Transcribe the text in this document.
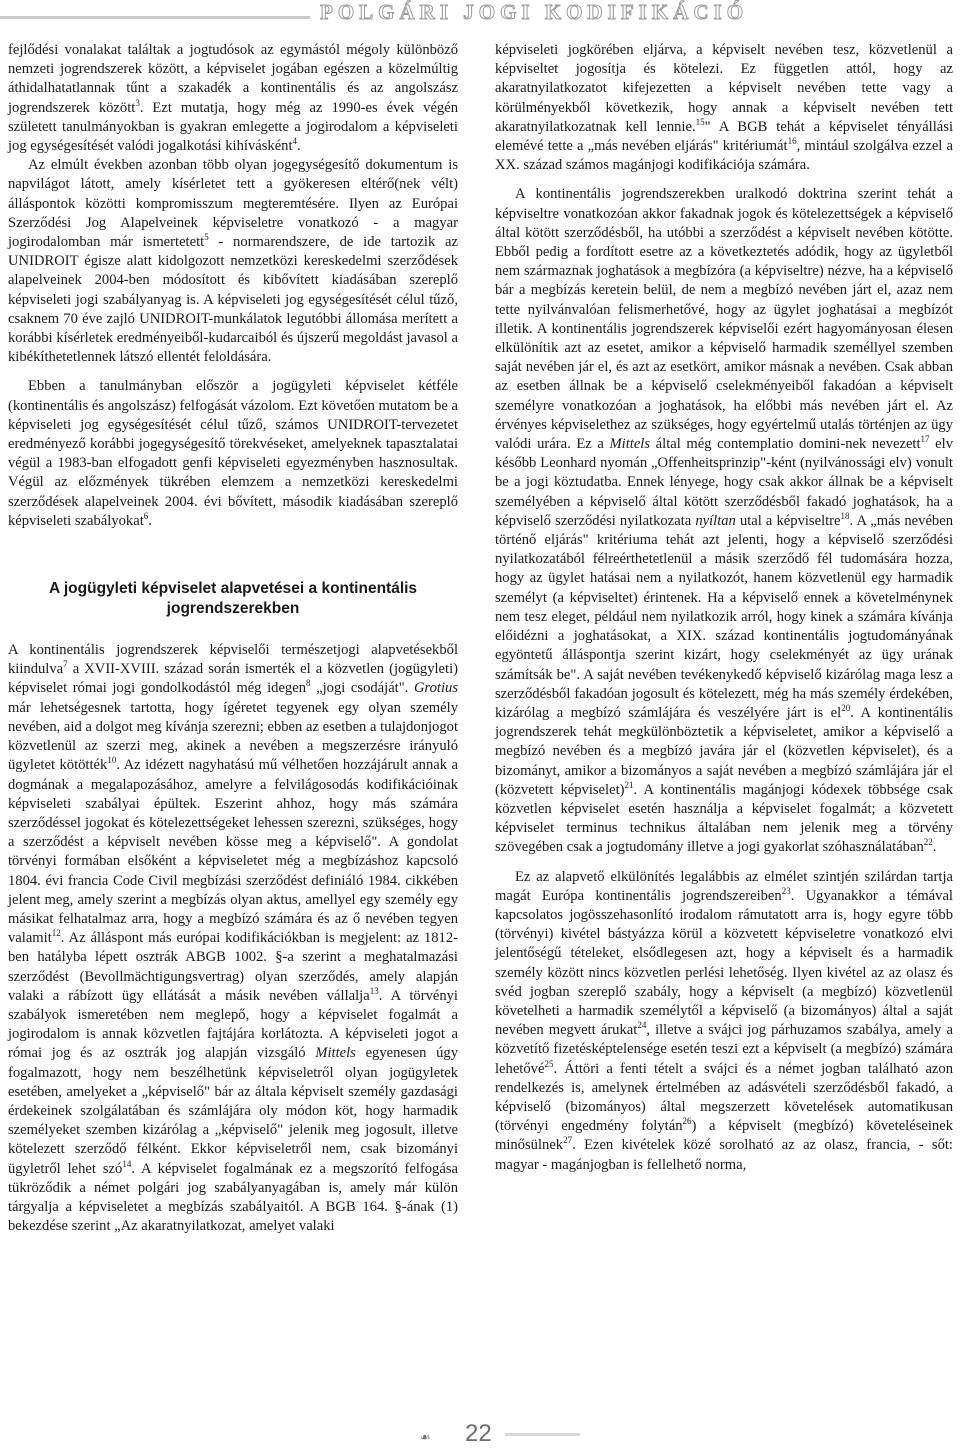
POLGÁRI JOGI KODIFIKÁCIÓ

fejlődési vonalakat találtak a jogtudósok az egymástól mégoly különböző nemzeti jogrendszerek között, a képviselet jogában egészen a közelmúltig áthidalhatatlannak tűnt a szakadék a kontinentális és az angolszász jogrendszerek között$^3$. Ezt mutatja, hogy még az 1990-es évek végén született tanulmányokban is gyakran emlegette a jogirodalom a képviseleti jog egységesítését valódi jogalkotási kihívásként$^4$.

Az elmúlt években azonban több olyan jogegységesítő dokumentum is napvilágot látott, amely kísérletet tett a gyökeresen eltérő(nek vélt) álláspontok közötti kompromisszum megteremtésére. Ilyen az Európai Szerződési Jog Alapelveinek képviseletre vonatkozó - a magyar jogirodalomban már ismertetett$^5$ - normarendszere, de ide tartozik az UNIDROIT égisze alatt kidolgozott nemzetközi kereskedelmi szerződések alapelveinek 2004-ben módosított és kibővített kiadásában szereplő képviseleti jogi szabályanyag is. A képviseleti jog egységesítését célul tűző, csaknem 70 éve zajló UNIDROIT-munkálatok legutóbbi állomása merített a korábbi kísérletek eredményeiből-kudarcaiból és újszerű megoldást javasol a kibékíthetetlennek látszó ellentét feloldására.

Ebben a tanulmányban először a jogügyleti képviselet kétféle (kontinentális és angolszász) felfogását vázolom. Ezt követően mutatom be a képviseleti jog egységesítését célul tűző, számos UNIDROIT-tervezetet eredményező korábbi jogegységesítő törekvéseket, amelyeknek tapasztalatai végül a 1983-ban elfogadott genfi képviseleti egyezményben hasznosultak. Végül az előzmények tükrében elemzem a nemzetközi kereskedelmi szerződések alapelveinek 2004. évi bővített, második kiadásában szereplő képviseleti szabályokat$^6$.

A jogügyleti képviselet alapvetései a kontinentális jogrendszerekben

A kontinentális jogrendszerek képviselői természetjogi alapvetésekből kiindulva$^7$ a XVII-XVIII. század során ismerték el a közvetlen (jogügyleti) képviselet római jogi gondolkodástól még idegen$^8$ „jogi csodáját". Grotius már lehetségesnek tartotta, hogy ígéretet tegyenek egy olyan személy nevében, aid a dolgot meg kívánja szerezni; ebben az esetben a tulajdonjogot közvetlenül az szerzi meg, akinek a nevében a megszerzésre irányuló ügyletet kötötték$^{10}$. Az idézett nagyhatású mű vélhetően hozzájárult annak a dogmának a megalapozásához, amelyre a felvilágosodás kodifikációinak képviseleti szabályai épültek. Eszerint ahhoz, hogy más számára szerződéssel jogokat és kötelezettségeket lehessen szerezni, szükséges, hogy a szerződést a képviselt nevében kösse meg a képviselő". A gondolat törvényi formában elsőként a képviseletet még a megbízáshoz kapcsoló 1804. évi francia Code Civil megbízási szerződést definiáló 1984. cikkében jelent meg, amely szerint a megbízás olyan aktus, amellyel egy személy egy másikat felhatalmaz arra, hogy a megbízó számára és az ő nevében tegyen valamit$^{12}$. Az álláspont más európai kodifikációkban is megjelent: az 1812-ben hatályba lépett osztrák ABGB 1002. §-a szerint a meghatalmazási szerződést (Bevollmächtigungsvertrag) olyan szerződés, amely alapján valaki a rábízott ügy ellátását a másik nevében vállalja$^{13}$. A törvényi szabályok ismeretében nem meglepő, hogy a képviselet fogalmát a jogirodalom is annak közvetlen fajtájára korlátozta. A képviseleti jogot a római jog és az osztrák jog alapján vizsgáló Mittels egyenesen úgy fogalmazott, hogy nem beszélhetünk képviseletről olyan jogügyletek esetében, amelyeket a „képviselő" bár az általa képviselt személy gazdasági érdekeinek szolgálatában és számlájára oly módon köt, hogy harmadik személyeket szemben kizárólag a „képviselő" jelenik meg jogosult, illetve kötelezett szerződő félként. Ekkor képviseletről nem, csak bizományi ügyletről lehet szó$^{14}$. A képviselet fogalmának ez a megszorító felfogása tükröződik a német polgári jog szabályanyagában is, amely már külön tárgyalja a képviseletet a megbízás szabályaitól. A BGB 164. §-ának (1) bekezdése szerint „Az akaratnyilatkozat, amelyet valaki

képviseleti jogkörében eljárva, a képviselt nevében tesz, közvetlenül a képviseltet jogosítja és kötelezi. Ez független attól, hogy az akaratnyilatkozatot kifejezetten a képviselt nevében tette vagy a körülményekből következik, hogy annak a képviselt nevében tett akaratnyilatkozatnak kell lennie.$^{15}$" A BGB tehát a képviselet tényállási elemévé tette a „más nevében eljárás" kritériumát$^{16}$, mintául szolgálva ezzel a XX. század számos magánjogi kodifikációja számára.

A kontinentális jogrendszerekben uralkodó doktrina szerint tehát a képviseltre vonatkozóan akkor fakadnak jogok és kötelezettségek a képviselő által kötött szerződésből, ha utóbbi a szerződést a képviselt nevében kötötte. Ebből pedig a fordított esetre az a következtetés adódik, hogy az ügyletből nem származnak joghatások a megbízóra (a képviseltre) nézve, ha a képviselő bár a megbízás keretein belül, de nem a megbízó nevében járt el, azaz nem tette nyilvánvalóan felismerhetővé, hogy az ügylet joghatásai a megbízót illetik. A kontinentális jogrendszerek képviselői ezért hagyományosan élesen elkülönítik azt az esetet, amikor a képviselő harmadik személlyel szemben saját nevében jár el, és azt az esetkört, amikor másnak a nevében. Csak abban az esetben állnak be a képviselő cselekményeiből fakadóan a képviselt személyre vonatkozóan a joghatások, ha előbbi más nevében járt el. Az érvényes képviselethez az szükséges, hogy egyértelmű utalás történjen az ügy valódi urára. Ez a Mittels által még contemplatio domini-nek nevezett$^{17}$ elv később Leonhard nyomán „Offenheitsprinzip"-ként (nyilvánossági elv) vonult be a jogi köztudatba. Ennek lényege, hogy csak akkor állnak be a képviselt személyében a képviselő által kötött szerződésből fakadó joghatások, ha a képviselő szerződési nyilatkozata nyíltan utal a képviseltre$^{18}$. A „más nevében történő eljárás" kritériuma tehát azt jelenti, hogy a képviselő szerződési nyilatkozatából félreérthetetlenül a másik szerződő fél tudomására hozza, hogy az ügylet hatásai nem a nyilatkozót, hanem közvetlenül egy harmadik személyt (a képviseltet) érintenek. Ha a képviselő ennek a követelménynek nem tesz eleget, például nem nyilatkozik arról, hogy kinek a számára kívánja előidézni a joghatásokat, a XIX. század kontinentális jogtudományának egyöntetű álláspontja szerint kizárt, hogy cselekményét az ügy urának számítsák be". A saját nevében tevékenykedő képviselő kizárólag maga lesz a szerződésből fakadóan jogosult és kötelezett, még ha más személy érdekében, kizárólag a megbízó számlájára és veszélyére járt is $el^{20}$. A kontinentális jogrendszerek tehát megkülönböztetik a képviseletet, amikor a képviselő a megbízó nevében és a megbízó javára jár el (közvetlen képviselet), és a bizományt, amikor a bizományos a saját nevében a megbízó számlájára jár el (közvetett képviselet)$^{21}$. A kontinentális magánjogi kódexek többsége csak közvetlen képviselet esetén használja a képviselet fogalmát; a közvetett képviselet terminus technikus általában nem jelenik meg a törvény szövegében csak a jogtudomány illetve a jogi gyakorlat szóhasználatában$^{22}$.

Ez az alapvető elkülönítés legalábbis az elmélet szintjén szilárdan tartja magát Európa kontinentális jogrendszereiben$^{23}$. Ugyanakkor a témával kapcsolatos jogösszehasonlító irodalom rámutatott arra is, hogy egyre több (törvényi) kivétel bástyázza körül a közvetett képviseletre vonatkozó elvi jelentőségű tételeket, elsődlegesen azt, hogy a képviselt és a harmadik személy között nincs közvetlen perlési lehetőség. Ilyen kivétel az az olasz és svéd jogban szereplő szabály, hogy a képviselt (a megbízó) közvetlenül követelheti a harmadik személytől a képviselő (a bizományos) által a saját nevében megvett árukat$^{24}$, illetve a svájci jog párhuzamos szabálya, amely a közvetítő fizetésképtelensége esetén teszi ezt a képviselt (a megbízó) számára lehetővé$^{25}$. Áttöri a fenti tételt a svájci és a német jogban található azon rendelkezés is, amelynek értelmében az adásvételi szerződésből fakadó, a képviselő (bizományos) által megszerzett követelések automatikusan (törvényi engedmény folytán$^{26}$) a képviselt (megbízó) követeléseinek minősülnek$^{27}$. Ezen kivételek közé sorolható az az olasz, francia, - sőt: magyar - magánjogban is fellelhető norma,

☙ 22
